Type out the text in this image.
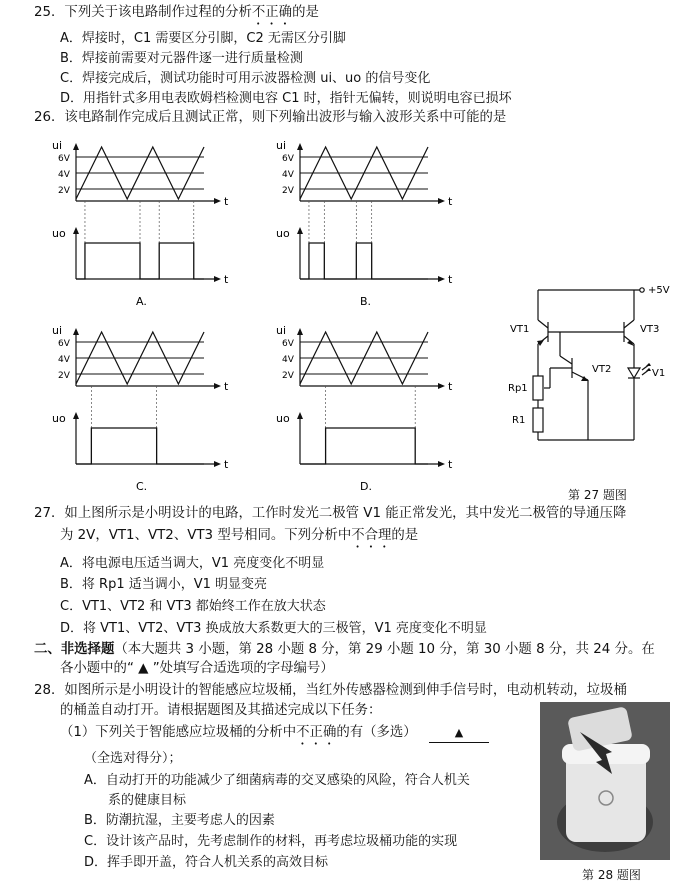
25．下列关于该电路制作过程的分析不正确的是
A．焊接时，C1 需要区分引脚，C2 无需区分引脚
B．焊接前需要对元器件逐一进行质量检测
C．焊接完成后，测试功能时可用示波器检测 ui、uo 的信号变化
D．用指针式多用电表欧姆档检测电容 C1 时，指针无偏转，则说明电容已损坏
26．该电路制作完成后且测试正常，则下列输出波形与输入波形关系中可能的是
6V
4V
2V
ui
t
uo
t
A.
6V
4V
2V
ui
t
uo
t
B.
6V
4V
2V
ui
t
uo
t
C.
6V
4V
2V
ui
t
uo
t
D.
+5V
VT1
VT2
VT3
Rp1
R1
V1
第 27 题图
27．如上图所示是小明设计的电路，工作时发光二极管 V1 能正常发光，其中发光二极管的导通压降
为 2V，VT1、VT2、VT3 型号相同。下列分析中不合理的是
A．将电源电压适当调大，V1 亮度变化不明显
B．将 Rp1 适当调小，V1 明显变亮
C．VT1、VT2 和 VT3 都始终工作在放大状态
D．将 VT1、VT2、VT3 换成放大系数更大的三极管，V1 亮度变化不明显
二、非选择题（本大题共 3 小题，第 28 小题 8 分，第 29 小题 10 分，第 30 小题 8 分，共 24 分。在
各小题中的“ ▲ ”处填写合适选项的字母编号）
28．如图所示是小明设计的智能感应垃圾桶，当红外传感器检测到伸手信号时，电动机转动，垃圾桶
的桶盖自动打开。请根据题图及其描述完成以下任务：
（1）下列关于智能感应垃圾桶的分析中不正确的有（多选）	▲
（全选对得分）；
A．自动打开的功能减少了细菌病毒的交叉感染的风险，符合人机关
系的健康目标
B．防潮抗湿，主要考虑人的因素
C．设计该产品时，先考虑制作的材料，再考虑垃圾桶功能的实现
D．挥手即开盖，符合人机关系的高效目标
第 28 题图
